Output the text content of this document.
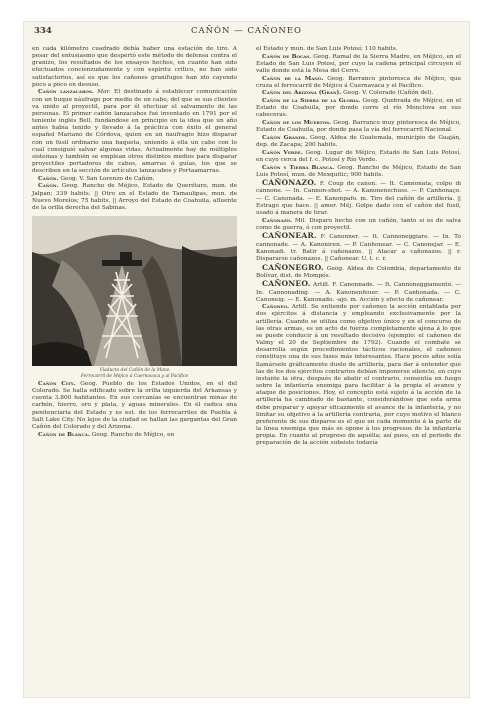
334	CAÑÓN — CAÑONEO

en cada kilómetro cuadrado debía haber una estación de tiro. A pesar del entusiasmo que despertó este método de defensa contra el granizo, los resultados de los ensayos hechos, en cuanto han sido efectuados concienzudamente y con espíritu crítico, no han sido satisfactorios, así es que los cañones granífugos han ido cayendo poco a poco en desuso.

Cañón lanzacabos. Mar. El destinado á establecer comunicación con un buque náufrago por medio de un cabo, del que se sus clientes va unido al proyectil, para por él efectuar el salvamento de las personas. El primer cañón lanzacabos fué inventado en 1791 por el teniente inglés Bell, fundándose en principio en la idea que un año antes había tenido y llevado á la práctica con éxito el general español Mariano de Córdova, quien en un naufragio hizo disparar con un fusil ordinario una baqueta, uniendo á ella un cabo con lo cual consiguió salvar algunas vidas. Actualmente hay de múltiples sistemas y también se emplean otros distintos medios para disparar proyectiles portadores de cabos, amarras ó guías, los que se describen en la sección de artículos lanzacabos y Portaamarras.

Cañón. Geog. V. San Lorenzo de Cañón.

Cañón. Geog. Rancho de Méjico, Estado de Querétaro, mun. de Jalpan; 339 habits. || Otro en el Estado de Tamaulipas, mun. de Nuevo Morelos; 75 habits. || Arroyo del Estado de Coahuila, afluente de la orilla derecha del Sabinas.

Viaducto del Cañón de la Mano
Ferrocarril de Méjico á Cuernavaca y al Pacífico

Cañón City. Geog. Pueblo de los Estados Unidos, en el del Colorado. Se halla edificado sobre la orilla izquierda del Arkansas y cuenta 3.800 habitantes. En sus cercanías se encuentran minas de carbón, hierro, oro y plata, y aguas minerales. En él radica una penitenciaría del Estado y es est. de los ferrocarriles de Puebla á Salt Lake City. No lejos de la ciudad se hallan las gargantas del Gran Cañón del Colorado y del Arizona.

Cañón de Blanca. Geog. Rancho de Méjico, en

el Estado y mun. de San Luis Potosí; 110 habits.

Cañón de Bocas. Geog. Ramal de la Sierra Madre, en Méjico, en el Estado de San Luis Potosí, por cuyo la cadena principal circuyen el valle donde está la Mesa del Cerro.

Cañón de la Mano. Geog. Barranco pintoresca de Méjico, que cruza el ferrocarril de Méjico á Cuernavaca y el Pacífico.

Cañón del Arizona (Gran). Geog. V. Colorado (Cañón del).

Cañón de la Sierra de la Gloria. Geog. Quebrada de Méjico, en el Estado de Coahuila, por donde corre el río Monclova en sus cabeceras.

Cañón de los Muertos. Geog. Barranco muy pintoresca de Méjico, Estado de Coahuila, por donde pasa la vía del ferrocarril Nacional.

Cañón Grande. Geog. Aldea de Guatemala, municipio de Guaján, dep. de Zacapa; 200 habits.

Cañón Verde. Geog. Lugar de Méjico, Estado de San Luis Potosí, en cuyo cerca del f. c. Potosí y Río Verde.

Cañón y Tierra Blanca. Geog. Rancho de Méjico, Estado de San Luis Potosí, mun. de Mexquitic; 900 habits.

CAÑONAZO. F. Coup de canon. — It. Cannonata, colpo di cannone. — In. Cannon-shot. — A. Kanonenschuss. — P. Canhonaço. — C. Canonada. — E. Kanonpafo. m. Tiro del cañón de artillería. || Estrago que hace. || amer. Méj. Golpe dado con el cañón del fusil, usado á manera de tirar.

Cañonazo. Mil. Disparo hecho con un cañón, tanto si es de salva como de guerra, ó con proyectil.

CAÑONEAR. F. Canonner. — It. Cannoneggiare. — In. To cannonade. — A. Kanoniren. — P. Canhonear. — C. Canonejar. — E. Kanonadi. tr. Batir á cañonazos. || Atacar a cañonazos. || r. Dispararse cañonazos. || Cañonear. U. t. c. r.

CAÑONEGRO. Geog. Aldea de Colombia, departamento de Bolívar, dist. de Mompós.

CAÑONEO. Artill. F. Canonnade. — It. Cannoneggiamento. — In. Cannonading. — A. Kanonenfeuer. — P. Canhonada. — C. Canoneig. — E. Kanonado. -ajo. m. Acción y efecto de cañonear.

Cañoneo. Artill. Se entiende por cañoneo la acción entablada por dos ejércitos á distancia y empleando exclusivamente por la artillería. Cuando se utiliza como objetivo único y en el concurso de las otras armas, es un acto de fuerza completamente ajena á lo que se puede conducir á un resultado decisivo (ejemplo: el cañoneo de Valmy el 20 de Septiembre de 1792). Cuando el combate se desarrolla según procedimientos tácticos racionales, el cañoneo constituye una de sus fases más interesantes. Hace pocos años solía llamársele gráficamente duelo de artillería, para dar á entender que las de los dos ejércitos contrarios debían imponerse silencio, en cuyo instante la otra, después de abatir el contrario, consentía en fuego sobre la infantería enemiga para facilitar á la propia el avance y ataque de posiciones. Hoy, el concepto está sujeto á la acción de la artillería ha cambiado de bastante, considerándose que esta arma debe preparar y apoyar eficazmente el avance de la infantería, y no limitar su objetivo á la artillería contraria, por cuyo motivo el blanco preferente de sus disparos es el que en cada momento á la parte de la línea enemiga que más se opone á los progresos de la infantería propia. En cuanto al progreso de aquélla; así pues, en el periodo de preparación de la acción subsiste todavía
